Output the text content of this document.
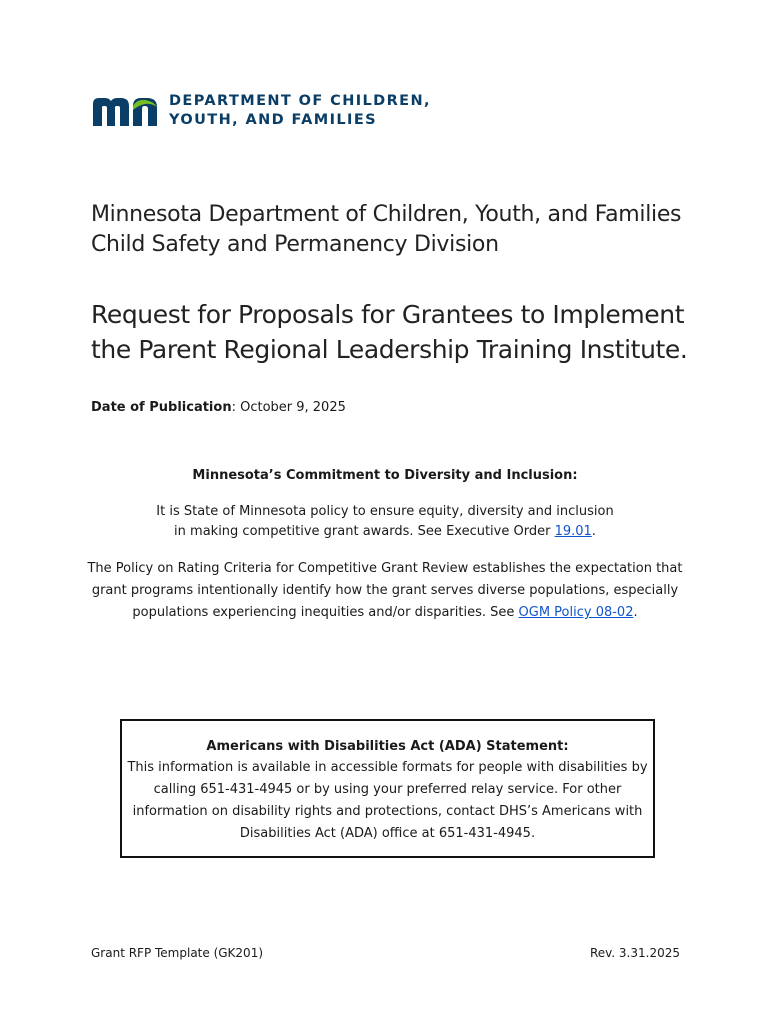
DEPARTMENT OF CHILDREN,
YOUTH, AND FAMILIES
Minnesota Department of Children, Youth, and Families
Child Safety and Permanency Division
Request for Proposals for Grantees to Implement
the Parent Regional Leadership Training Institute.
Date of Publication: October 9, 2025
Minnesota’s Commitment to Diversity and Inclusion:
It is State of Minnesota policy to ensure equity, diversity and inclusion
in making competitive grant awards. See Executive Order 19.01.
The Policy on Rating Criteria for Competitive Grant Review establishes the expectation that
grant programs intentionally identify how the grant serves diverse populations, especially
populations experiencing inequities and/or disparities. See OGM Policy 08-02.
Americans with Disabilities Act (ADA) Statement:
This information is available in accessible formats for people with disabilities by
calling 651-431-4945 or by using your preferred relay service. For other
information on disability rights and protections, contact DHS’s Americans with
Disabilities Act (ADA) office at 651-431-4945.
Grant RFP Template (GK201)	Rev. 3.31.2025
